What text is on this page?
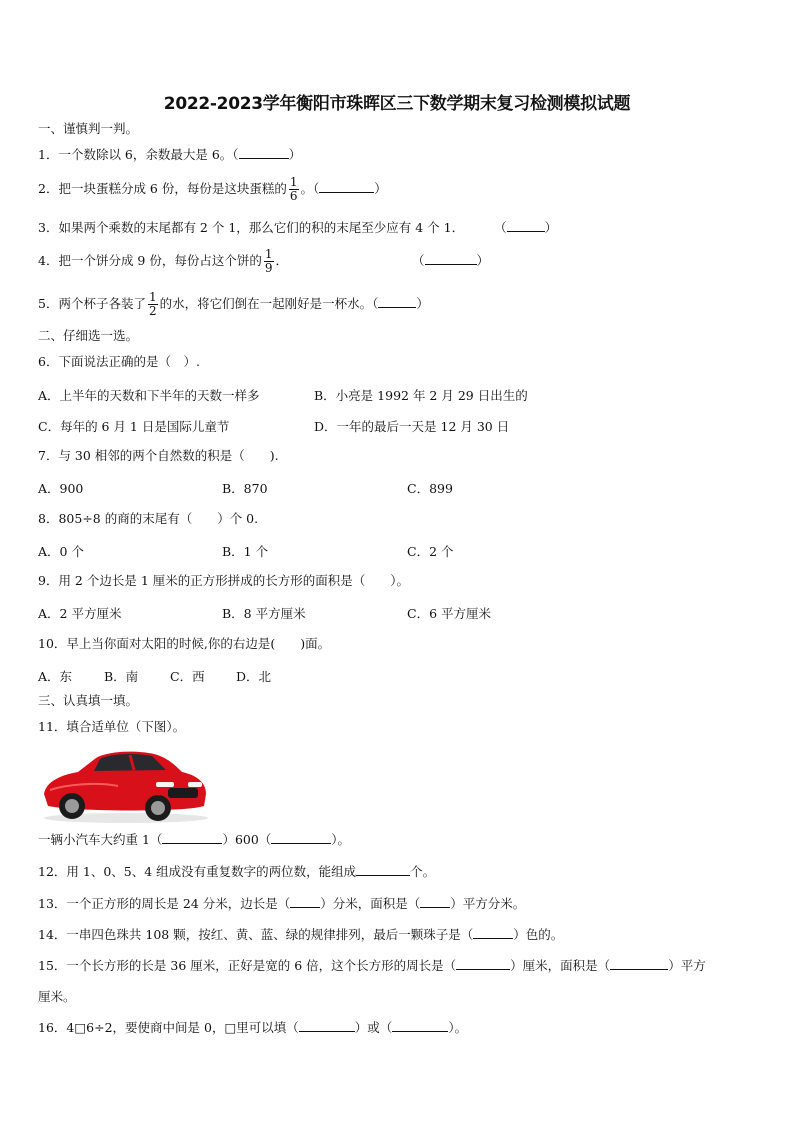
2022-2023学年衡阳市珠晖区三下数学期末复习检测模拟试题
一、谨慎判一判。
1．一个数除以 6，余数最大是 6。（	）
2．把一块蛋糕分成 6 份，每份是这块蛋糕的 $\frac{1}{6}$ 。（	）
3．如果两个乘数的末尾都有 2 个 1，那么它们的积的末尾至少应有 4 个 1． （	）
4．把一个饼分成 9 份，每份占这个饼的 $\frac{1}{9}$ ．	（	）
5．两个杯子各装了 $\frac{1}{2}$ 的水，将它们倒在一起刚好是一杯水。（	）
二、仔细选一选。
6．下面说法正确的是（　）.
A．上半年的天数和下半年的天数一样多	B．小亮是 1992 年 2 月 29 日出生的
C．每年的 6 月 1 日是国际儿童节	D．一年的最后一天是 12 月 30 日
7．与 30 相邻的两个自然数的积是（　　).
A．900	B．870	C．899
8．805÷8 的商的末尾有（　　）个 0.
A．0 个	B．1 个	C．2 个
9．用 2 个边长是 1 厘米的正方形拼成的长方形的面积是（　　）。
A．2 平方厘米	B．8 平方厘米	C．6 平方厘米
10．早上当你面对太阳的时候,你的右边是(　　)面。
A．东	B．南	C．西	D．北
三、认真填一填。
11．填合适单位（下图）。
一辆小汽车大约重 1（	）600（	）。
12．用 1、0、5、4 组成没有重复数字的两位数，能组成	个。
13．一个正方形的周长是 24 分米，边长是（ ）分米，面积是（ ）平方分米。
14．一串四色珠共 108 颗，按红、黄、蓝、绿的规律排列，最后一颗珠子是（	）色的。
15．一个长方形的长是 36 厘米，正好是宽的 6 倍，这个长方形的周长是（	）厘米，面积是（	）平方
厘米。
16．4□6÷2，要使商中间是 0，□里可以填（	）或（	）。
